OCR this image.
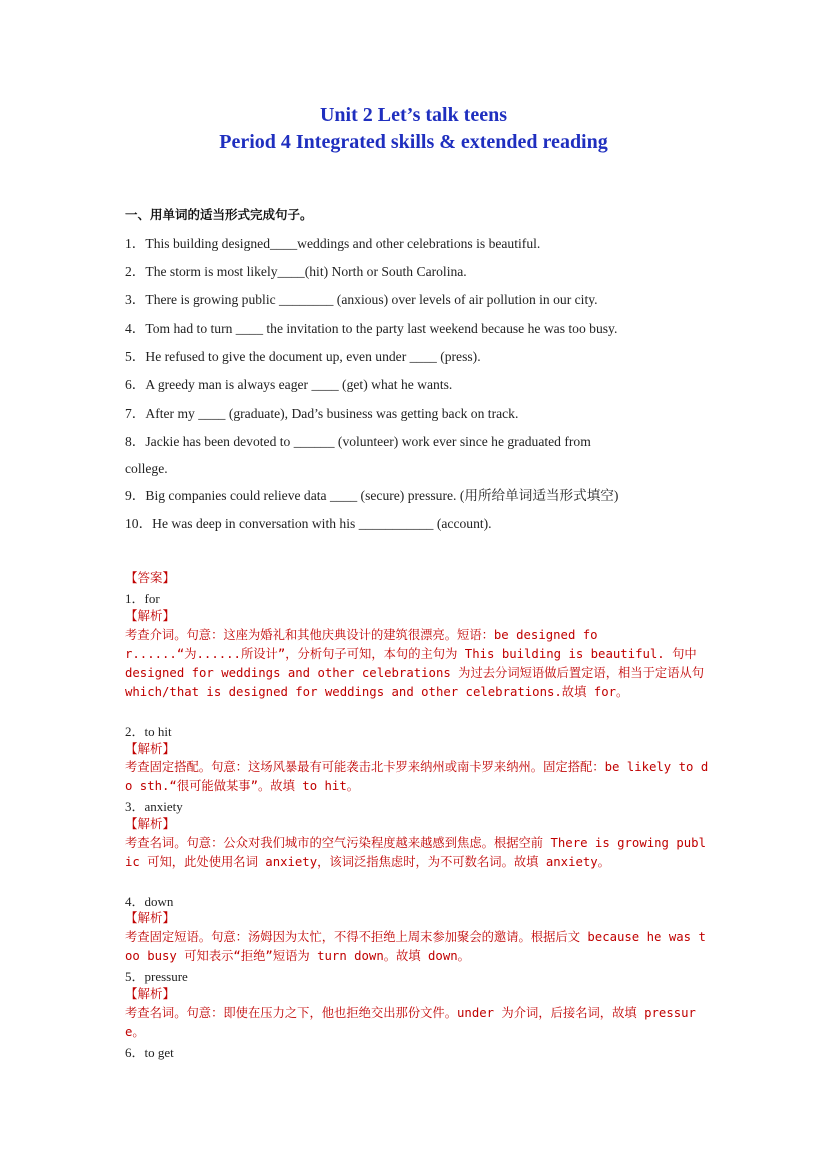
Unit 2 Let’s talk teens
Period 4 Integrated skills & extended reading
一、用单词的适当形式完成句子。
1．This building designed____weddings and other celebrations is beautiful.
2．The storm is most likely____(hit) North or South Carolina.
3．There is growing public ________ (anxious) over levels of air pollution in our city.
4．Tom had to turn ____ the invitation to the party last weekend because he was too busy.
5．He refused to give the document up, even under ____ (press).
6．A greedy man is always eager ____ (get) what he wants.
7．After my ____ (graduate), Dad’s business was getting back on track.
8．Jackie has been devoted to ______ (volunteer) work ever since he graduated from
college.
9．Big companies could relieve data ____ (secure) pressure. (用所给单词适当形式填空)
10．He was deep in conversation with his ___________ (account).
【答案】
1．for
【解析】
考查介词。句意：这座为婚礼和其他庆典设计的建筑很漂亮。短语：be designed for......“为......所设计”，分析句子可知，本句的主句为 This building is beautiful. 句中 designed for weddings and other celebrations 为过去分词短语做后置定语，相当于定语从句 which/that is designed for weddings and other celebrations.故填 for。
2．to hit
【解析】
考查固定搭配。句意：这场风暴最有可能袭击北卡罗来纳州或南卡罗来纳州。固定搭配：be likely to do sth.“很可能做某事”。故填 to hit。
3．anxiety
【解析】
考查名词。句意：公众对我们城市的空气污染程度越来越感到焦虑。根据空前 There is growing public 可知，此处使用名词 anxiety，该词泛指焦虑时，为不可数名词。故填 anxiety。
4．down
【解析】
考查固定短语。句意：汤姆因为太忙，不得不拒绝上周末参加聚会的邀请。根据后文 because he was too busy 可知表示“拒绝”短语为 turn down。故填 down。
5．pressure
【解析】
考查名词。句意：即使在压力之下，他也拒绝交出那份文件。under 为介词，后接名词，故填 pressure。
6．to get
